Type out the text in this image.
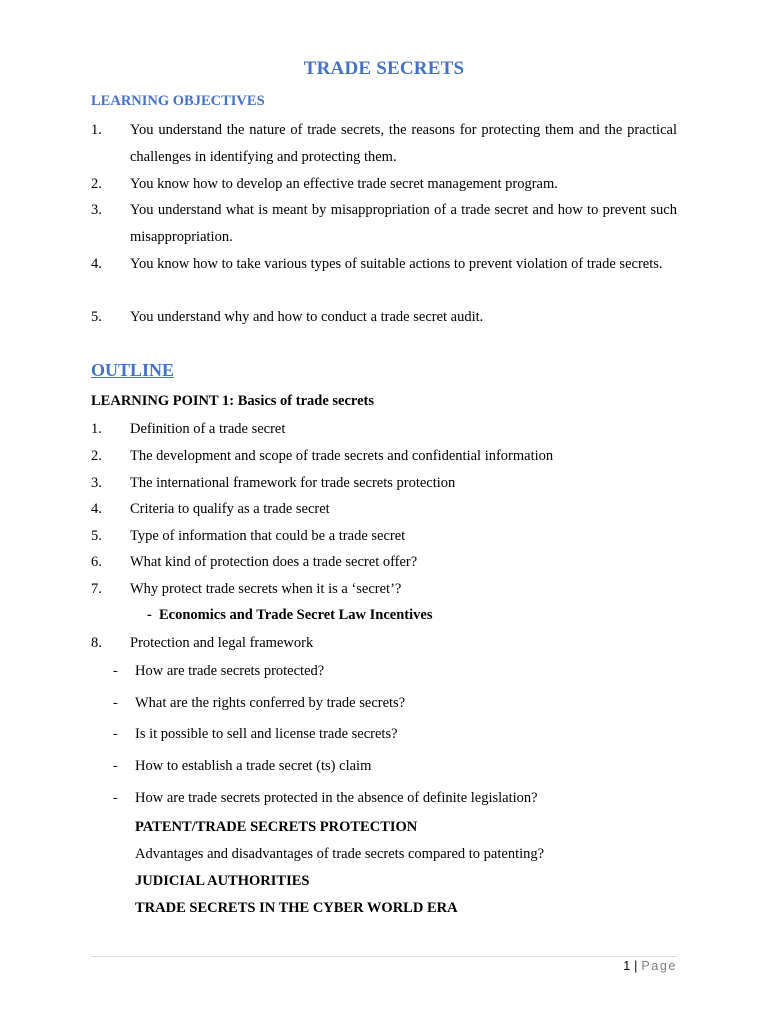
TRADE SECRETS
LEARNING OBJECTIVES
1.	You understand the nature of trade secrets, the reasons for protecting them and the practical challenges in identifying and protecting them.
2.	You know how to develop an effective trade secret management program.
3.	You understand what is meant by misappropriation of a trade secret and how to prevent such misappropriation.
4.	You know how to take various types of suitable actions to prevent violation of trade secrets.
5.	You understand why and how to conduct a trade secret audit.
OUTLINE
LEARNING POINT 1: Basics of trade secrets
1. Definition of a trade secret
2. The development and scope of trade secrets and confidential information
3. The international framework for trade secrets protection
4. Criteria to qualify as a trade secret
5. Type of information that could be a trade secret
6. What kind of protection does a trade secret offer?
7. Why protect trade secrets when it is a ‘secret’?
- Economics and Trade Secret Law Incentives
8. Protection and legal framework
- How are trade secrets protected?
- What are the rights conferred by trade secrets?
- Is it possible to sell and license trade secrets?
- How to establish a trade secret (ts) claim
- How are trade secrets protected in the absence of definite legislation?
PATENT/TRADE SECRETS PROTECTION
Advantages and disadvantages of trade secrets compared to patenting?
JUDICIAL AUTHORITIES
TRADE SECRETS IN THE CYBER WORLD ERA
1 | Page
